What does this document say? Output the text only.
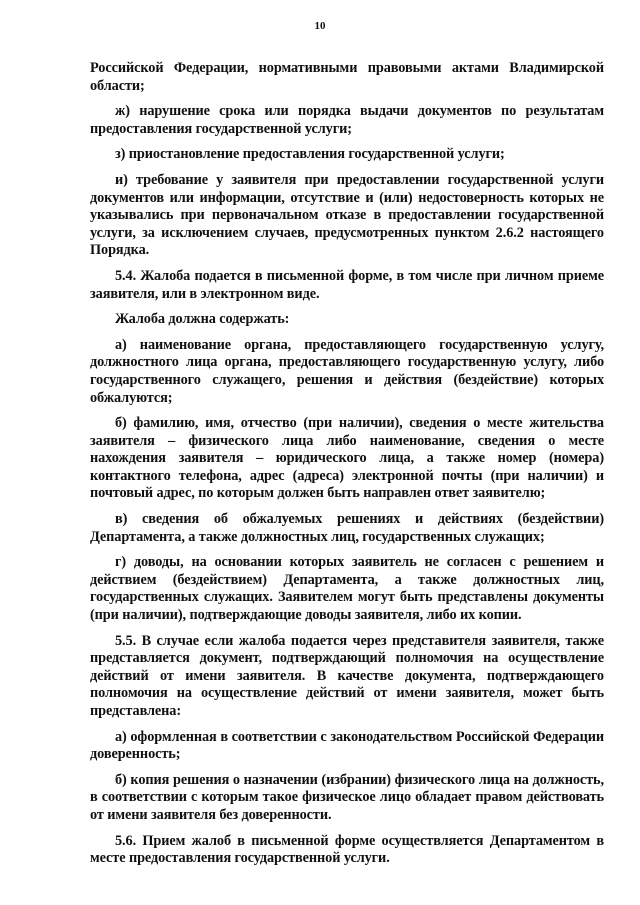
10

Российской Федерации, нормативными правовыми актами Владимирской области;

ж) нарушение срока или порядка выдачи документов по результатам предоставления государственной услуги;

з) приостановление предоставления государственной услуги;

и) требование у заявителя при предоставлении государственной услуги документов или информации, отсутствие и (или) недостоверность которых не указывались при первоначальном отказе в предоставлении государственной услуги, за исключением случаев, предусмотренных пунктом 2.6.2 настоящего Порядка.

5.4. Жалоба подается в письменной форме, в том числе при личном приеме заявителя, или в электронном виде.

Жалоба должна содержать:

а) наименование органа, предоставляющего государственную услугу, должностного лица органа, предоставляющего государственную услугу, либо государственного служащего, решения и действия (бездействие) которых обжалуются;

б) фамилию, имя, отчество (при наличии), сведения о месте жительства заявителя – физического лица либо наименование, сведения о месте нахождения заявителя – юридического лица, а также номер (номера) контактного телефона, адрес (адреса) электронной почты (при наличии) и почтовый адрес, по которым должен быть направлен ответ заявителю;

в) сведения об обжалуемых решениях и действиях (бездействии) Департамента, а также должностных лиц, государственных служащих;

г) доводы, на основании которых заявитель не согласен с решением и действием (бездействием) Департамента, а также должностных лиц, государственных служащих. Заявителем могут быть представлены документы (при наличии), подтверждающие доводы заявителя, либо их копии.

5.5. В случае если жалоба подается через представителя заявителя, также представляется документ, подтверждающий полномочия на осуществление действий от имени заявителя. В качестве документа, подтверждающего полномочия на осуществление действий от имени заявителя, может быть представлена:

а) оформленная в соответствии с законодательством Российской Федерации доверенность;

б) копия решения о назначении (избрании) физического лица на должность, в соответствии с которым такое физическое лицо обладает правом действовать от имени заявителя без доверенности.

5.6. Прием жалоб в письменной форме осуществляется Департаментом в месте предоставления государственной услуги.
